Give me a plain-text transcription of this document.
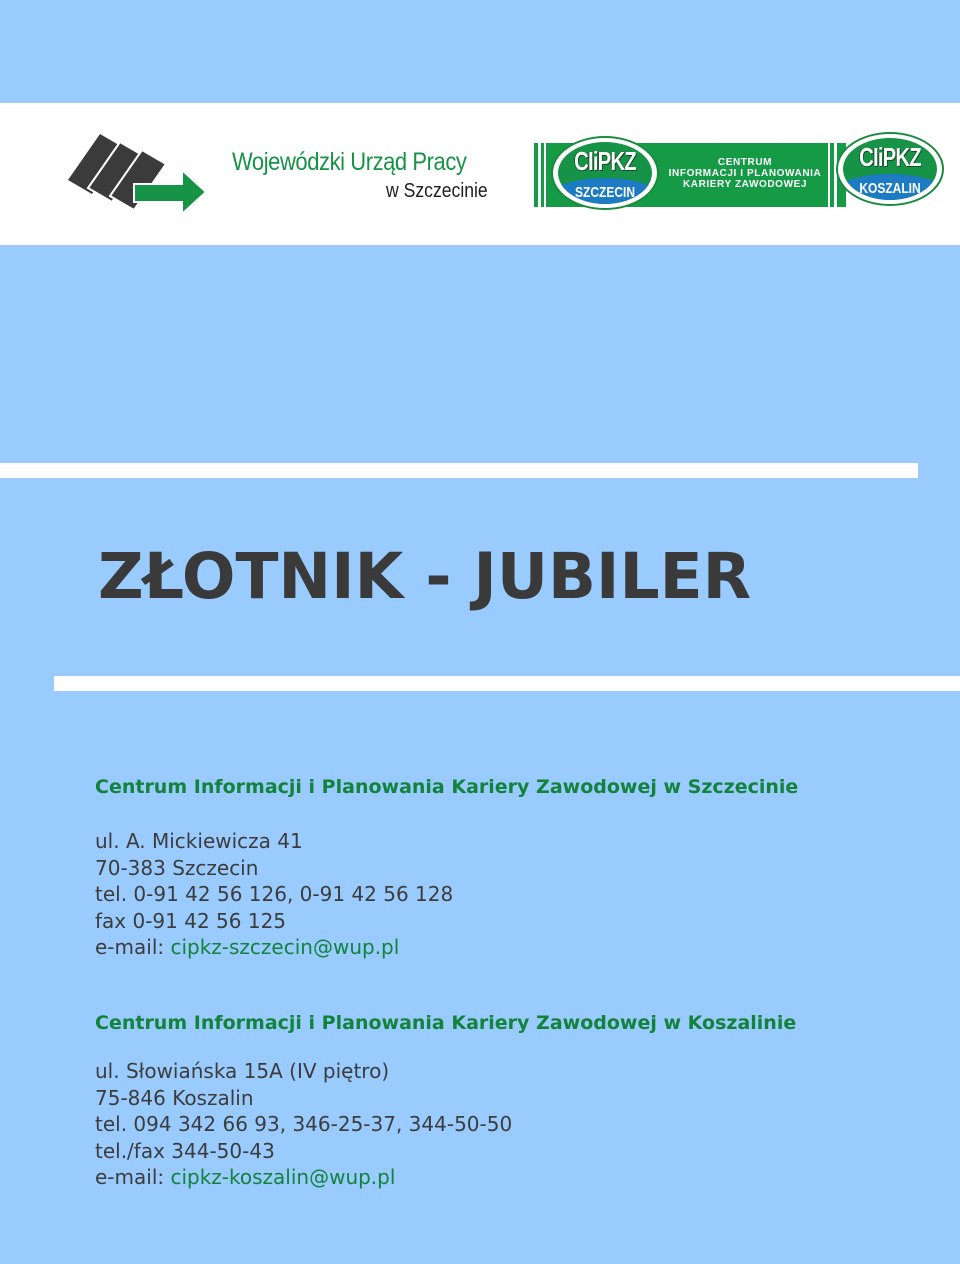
Wojewódzki Urząd Pracy
w Szczecinie
CENTRUM
INFORMACJI I PLANOWANIA
KARIERY ZAWODOWEJ
CIiPKZ
SZCZECIN
CIiPKZ
KOSZALIN
ZŁOTNIK - JUBILER
Centrum Informacji i Planowania Kariery Zawodowej w Szczecinie
ul. A. Mickiewicza 41
70-383 Szczecin
tel. 0-91 42 56 126, 0-91 42 56 128
fax 0-91 42 56 125
e-mail: cipkz-szczecin@wup.pl
Centrum Informacji i Planowania Kariery Zawodowej w Koszalinie
ul. Słowiańska 15A (IV piętro)
75-846 Koszalin
tel. 094 342 66 93, 346-25-37, 344-50-50
tel./fax 344-50-43
e-mail: cipkz-koszalin@wup.pl
